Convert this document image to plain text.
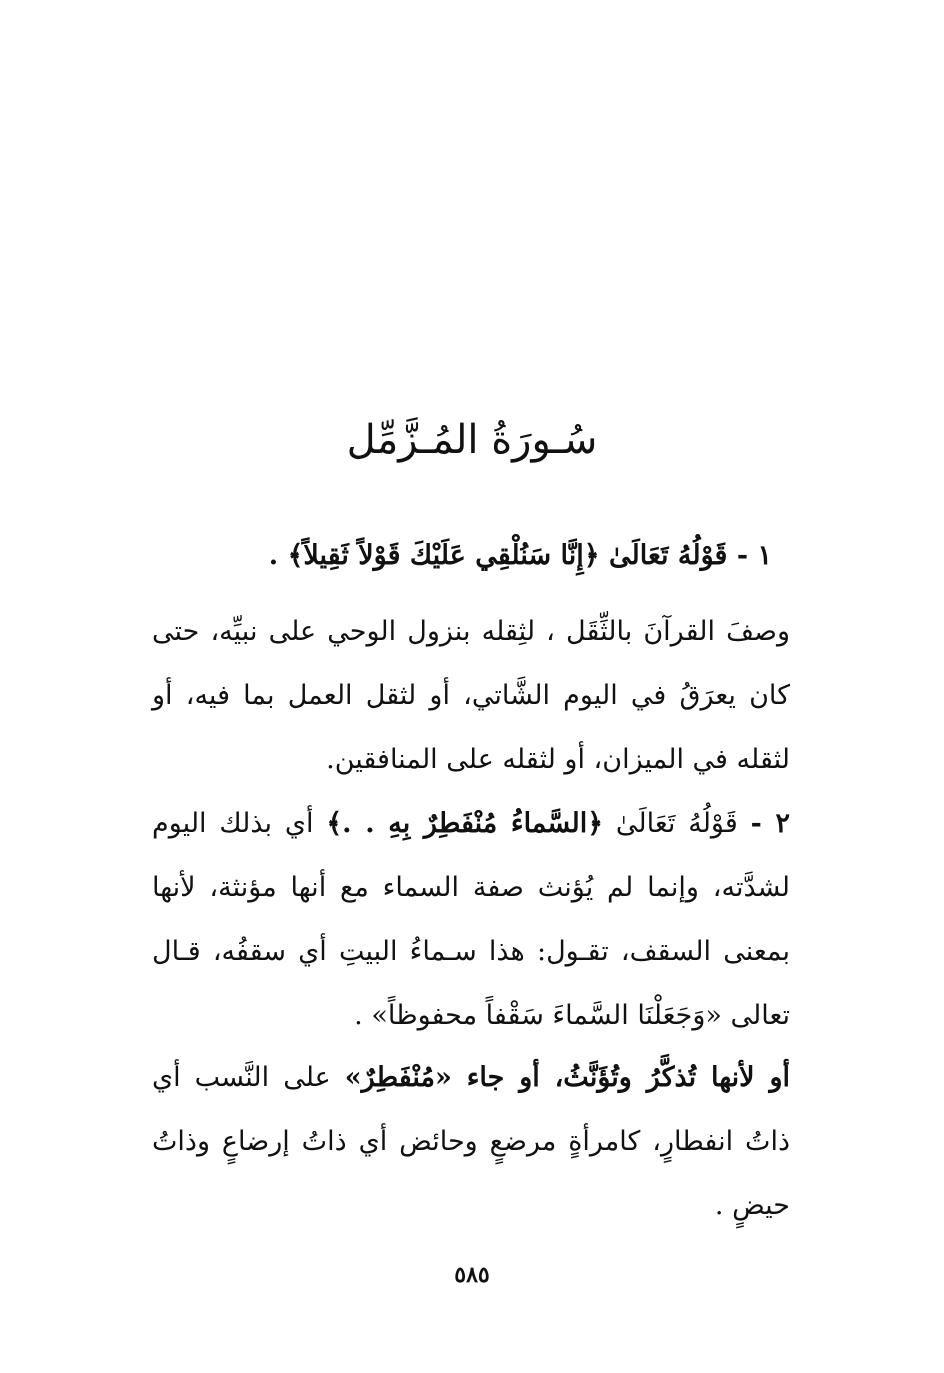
سُـورَةُ المُـزَّمِّل
١ - قَوْلُهُ تَعَالَىٰ ﴿إِنَّا سَنُلْقِي عَلَيْكَ قَوْلاً ثَقِيلاً﴾ .
وصفَ القرآنَ بالثِّقَل ، لثِقله بنزول الوحي على نبيِّه، حتى كان يعرَقُ في اليوم الشَّاتي، أو لثقل العمل بما فيه، أو لثقله في الميزان، أو لثقله على المنافقين.
٢ - قَوْلُهُ تَعَالَىٰ ﴿السَّماءُ مُنْفَطِرٌ بِهِ . .﴾ أي بذلك اليوم لشدَّته، وإنما لم يُؤنث صفة السماء مع أنها مؤنثة، لأنها بمعنى السقف، تقـول: هذا سـماءُ البيتِ أي سقفُه، قـال تعالى «وَجَعَلْنَا السَّماءَ سَقْفاً محفوظاً» .
أو لأنها تُذكَّرُ وتُؤَنَّثُ، أو جاء «مُنْفَطِرٌ» على النَّسب أي ذاتُ انفطارٍ، كامرأةٍ مرضعٍ وحائض أي ذاتُ إرضاعٍ وذاتُ حيضٍ .
٥٨٥
